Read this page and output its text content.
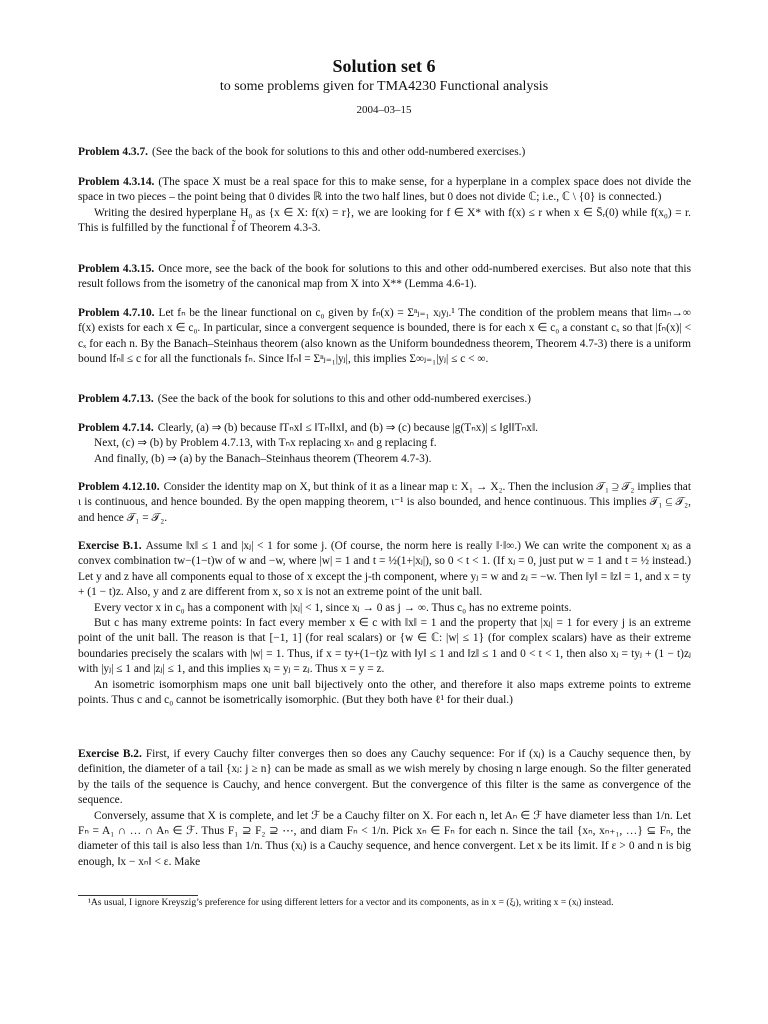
Solution set 6
to some problems given for TMA4230 Functional analysis
2004–03–15

Problem 4.3.7. (See the back of the book for solutions to this and other odd-numbered exercises.)

Problem 4.3.14. (The space X must be a real space for this to make sense, for a hyperplane in a complex space does not divide the space in two pieces – the point being that 0 divides ℝ into the two half lines, but 0 does not divide ℂ; i.e., ℂ \ {0} is connected.)

Writing the desired hyperplane H₀ as {x ∈ X: f(x) = r}, we are looking for f ∈ X* with f(x) ≤ r when x ∈ S̄ᵣ(0) while f(x₀) = r. This is fulfilled by the functional f̃ of Theorem 4.3-3.

Problem 4.3.15. Once more, see the back of the book for solutions to this and other odd-numbered exercises. But also note that this result follows from the isometry of the canonical map from X into X** (Lemma 4.6-1).

Problem 4.7.10. Let fₙ be the linear functional on c₀ given by fₙ(x) = Σⁿⱼ₌₁ xⱼyⱼ.¹ The condition of the problem means that limₙ→∞ f(x) exists for each x ∈ c₀. In particular, since a convergent sequence is bounded, there is for each x ∈ c₀ a constant cₓ so that |fₙ(x)| < cₓ for each n. By the Banach–Steinhaus theorem (also known as the Uniform boundedness theorem, Theorem 4.7-3) there is a uniform bound ‖fₙ‖ ≤ c for all the functionals fₙ. Since ‖fₙ‖ = Σⁿⱼ₌₁|yⱼ|, this implies Σ∞ⱼ₌₁|yⱼ| ≤ c < ∞.

Problem 4.7.13. (See the back of the book for solutions to this and other odd-numbered exercises.)

Problem 4.7.14. Clearly, (a) ⇒ (b) because ‖Tₙx‖ ≤ ‖Tₙ‖‖x‖, and (b) ⇒ (c) because |g(Tₙx)| ≤ ‖g‖‖Tₙx‖.

Next, (c) ⇒ (b) by Problem 4.7.13, with Tₙx replacing xₙ and g replacing f.

And finally, (b) ⇒ (a) by the Banach–Steinhaus theorem (Theorem 4.7-3).

Problem 4.12.10. Consider the identity map on X, but think of it as a linear map ι: X₁ → X₂. Then the inclusion 𝒯₁ ⊇ 𝒯₂ implies that ι is continuous, and hence bounded. By the open mapping theorem, ι⁻¹ is also bounded, and hence continuous. This implies 𝒯₁ ⊆ 𝒯₂, and hence 𝒯₁ = 𝒯₂.

Exercise B.1. Assume ‖x‖ ≤ 1 and |xⱼ| < 1 for some j. (Of course, the norm here is really ‖·‖∞.) We can write the component xⱼ as a convex combination tw−(1−t)w of w and −w, where |w| = 1 and t = ½(1+|xⱼ|), so 0 < t < 1. (If xⱼ = 0, just put w = 1 and t = ½ instead.) Let y and z have all components equal to those of x except the j-th component, where yⱼ = w and zⱼ = −w. Then ‖y‖ = ‖z‖ = 1, and x = ty + (1 − t)z. Also, y and z are different from x, so x is not an extreme point of the unit ball.

Every vector x in c₀ has a component with |xⱼ| < 1, since xⱼ → 0 as j → ∞. Thus c₀ has no extreme points.

But c has many extreme points: In fact every member x ∈ c with ‖x‖ = 1 and the property that |xⱼ| = 1 for every j is an extreme point of the unit ball. The reason is that [−1, 1] (for real scalars) or {w ∈ ℂ: |w| ≤ 1} (for complex scalars) have as their extreme boundaries precisely the scalars with |w| = 1. Thus, if x = ty+(1−t)z with ‖y‖ ≤ 1 and ‖z‖ ≤ 1 and 0 < t < 1, then also xⱼ = tyⱼ + (1 − t)zⱼ with |yⱼ| ≤ 1 and |zⱼ| ≤ 1, and this implies xⱼ = yⱼ = zⱼ. Thus x = y = z.

An isometric isomorphism maps one unit ball bijectively onto the other, and therefore it also maps extreme points to extreme points. Thus c and c₀ cannot be isometrically isomorphic. (But they both have ℓ¹ for their dual.)

Exercise B.2. First, if every Cauchy filter converges then so does any Cauchy sequence: For if (xⱼ) is a Cauchy sequence then, by definition, the diameter of a tail {xⱼ: j ≥ n} can be made as small as we wish merely by chosing n large enough. So the filter generated by the tails of the sequence is Cauchy, and hence convergent. But the convergence of this filter is the same as convergence of the sequence.

Conversely, assume that X is complete, and let ℱ be a Cauchy filter on X. For each n, let Aₙ ∈ ℱ have diameter less than 1/n. Let Fₙ = A₁ ∩ … ∩ Aₙ ∈ ℱ. Thus F₁ ⊇ F₂ ⊇ ⋯, and diam Fₙ < 1/n. Pick xₙ ∈ Fₙ for each n. Since the tail {xₙ, xₙ₊₁, …} ⊆ Fₙ, the diameter of this tail is also less than 1/n. Thus (xⱼ) is a Cauchy sequence, and hence convergent. Let x be its limit. If ε > 0 and n is big enough, ‖x − xₙ‖ < ε. Make

¹As usual, I ignore Kreyszig’s preference for using different letters for a vector and its components, as in x = (ξⱼ), writing x = (xⱼ) instead.
